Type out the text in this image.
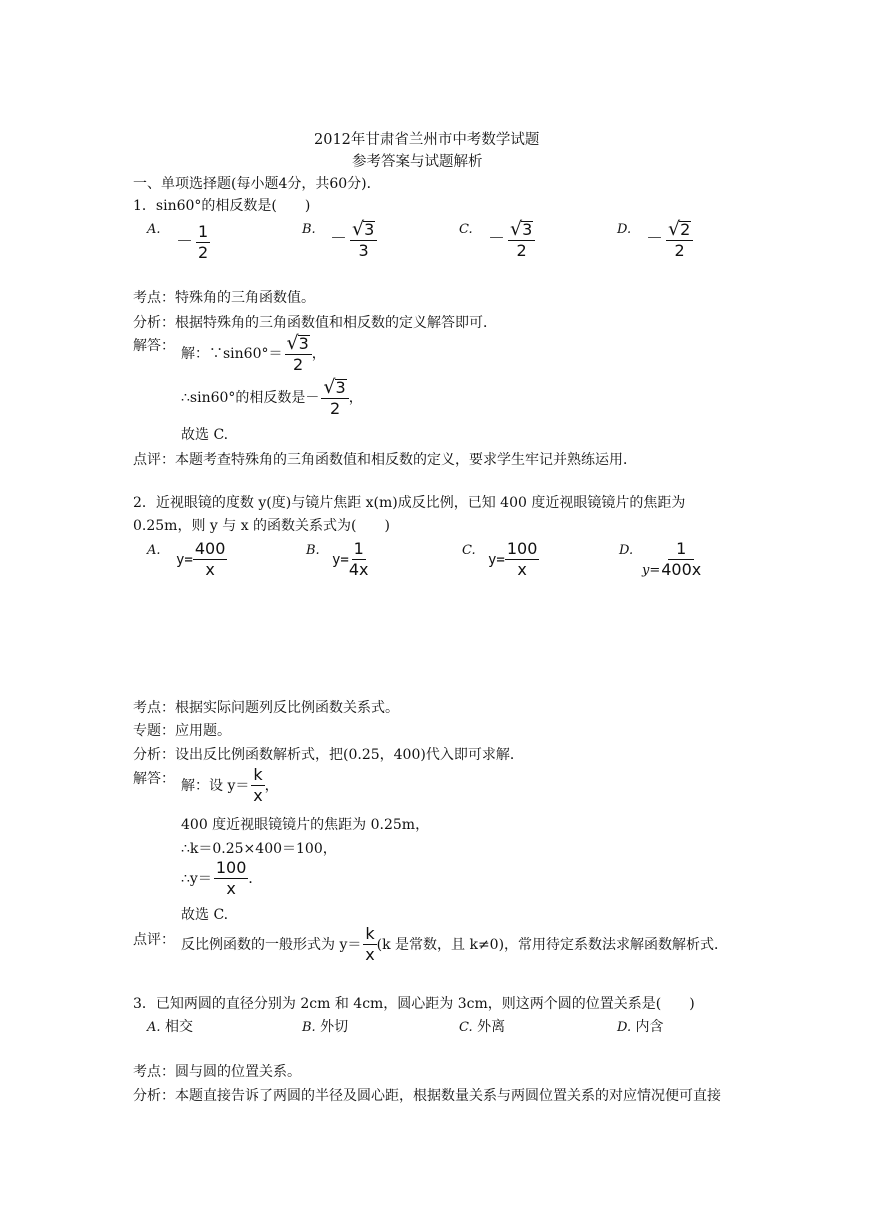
2012年甘肃省兰州市中考数学试题
参考答案与试题解析
一、单项选择题(每小题4分，共60分)．
1．sin60°的相反数是(　　)
A.
－ $\frac{1}{2}$	B. － $\frac{√ 3}{3}$	C. － $\frac{√ 3}{2}$	D. － $\frac{√ 2}{2}$
考点：特殊角的三角函数值。
分析：根据特殊角的三角函数值和相反数的定义解答即可．
解答： 解：∵sin60°＝ $\frac{√ 3}{2}$ ，
∴sin60°的相反数是－ $\frac{√ 3}{2}$ ，
故选 C.
点评：本题考查特殊角的三角函数值和相反数的定义，要求学生牢记并熟练运用．
2．近视眼镜的度数 y(度)与镜片焦距 x(m)成反比例，已知 400 度近视眼镜镜片的焦距为
0.25m，则 y 与 x 的函数关系式为(　　)
A.
$y= \frac{400}{x}$	B.
$y= \frac{1}{4x}$	C.
$y= \frac{100}{x}$	D.
$y= \frac{1}{400x}$
考点：根据实际问题列反比例函数关系式。
专题：应用题。
分析：设出反比例函数解析式，把(0.25，400)代入即可求解．
解答： 解：设 $y= \frac{k}{x}$ ，
400 度近视眼镜镜片的焦距为 0.25m，
∴k＝0.25×400＝100，
∴y＝ $\frac{100}{x}$ ．
故选 C.
点评： 反比例函数的一般形式为 $y= \frac{k}{x} (k$ 是常数，且 k≠0)，常用待定系数法求解函数解析式．
3．已知两圆的直径分别为 2cm 和 4cm，圆心距为 3cm，则这两个圆的位置关系是(　　)
A. 相交	B. 外切	C. 外离	D. 内含
考点：圆与圆的位置关系。
分析：本题直接告诉了两圆的半径及圆心距，根据数量关系与两圆位置关系的对应情况便可直接
